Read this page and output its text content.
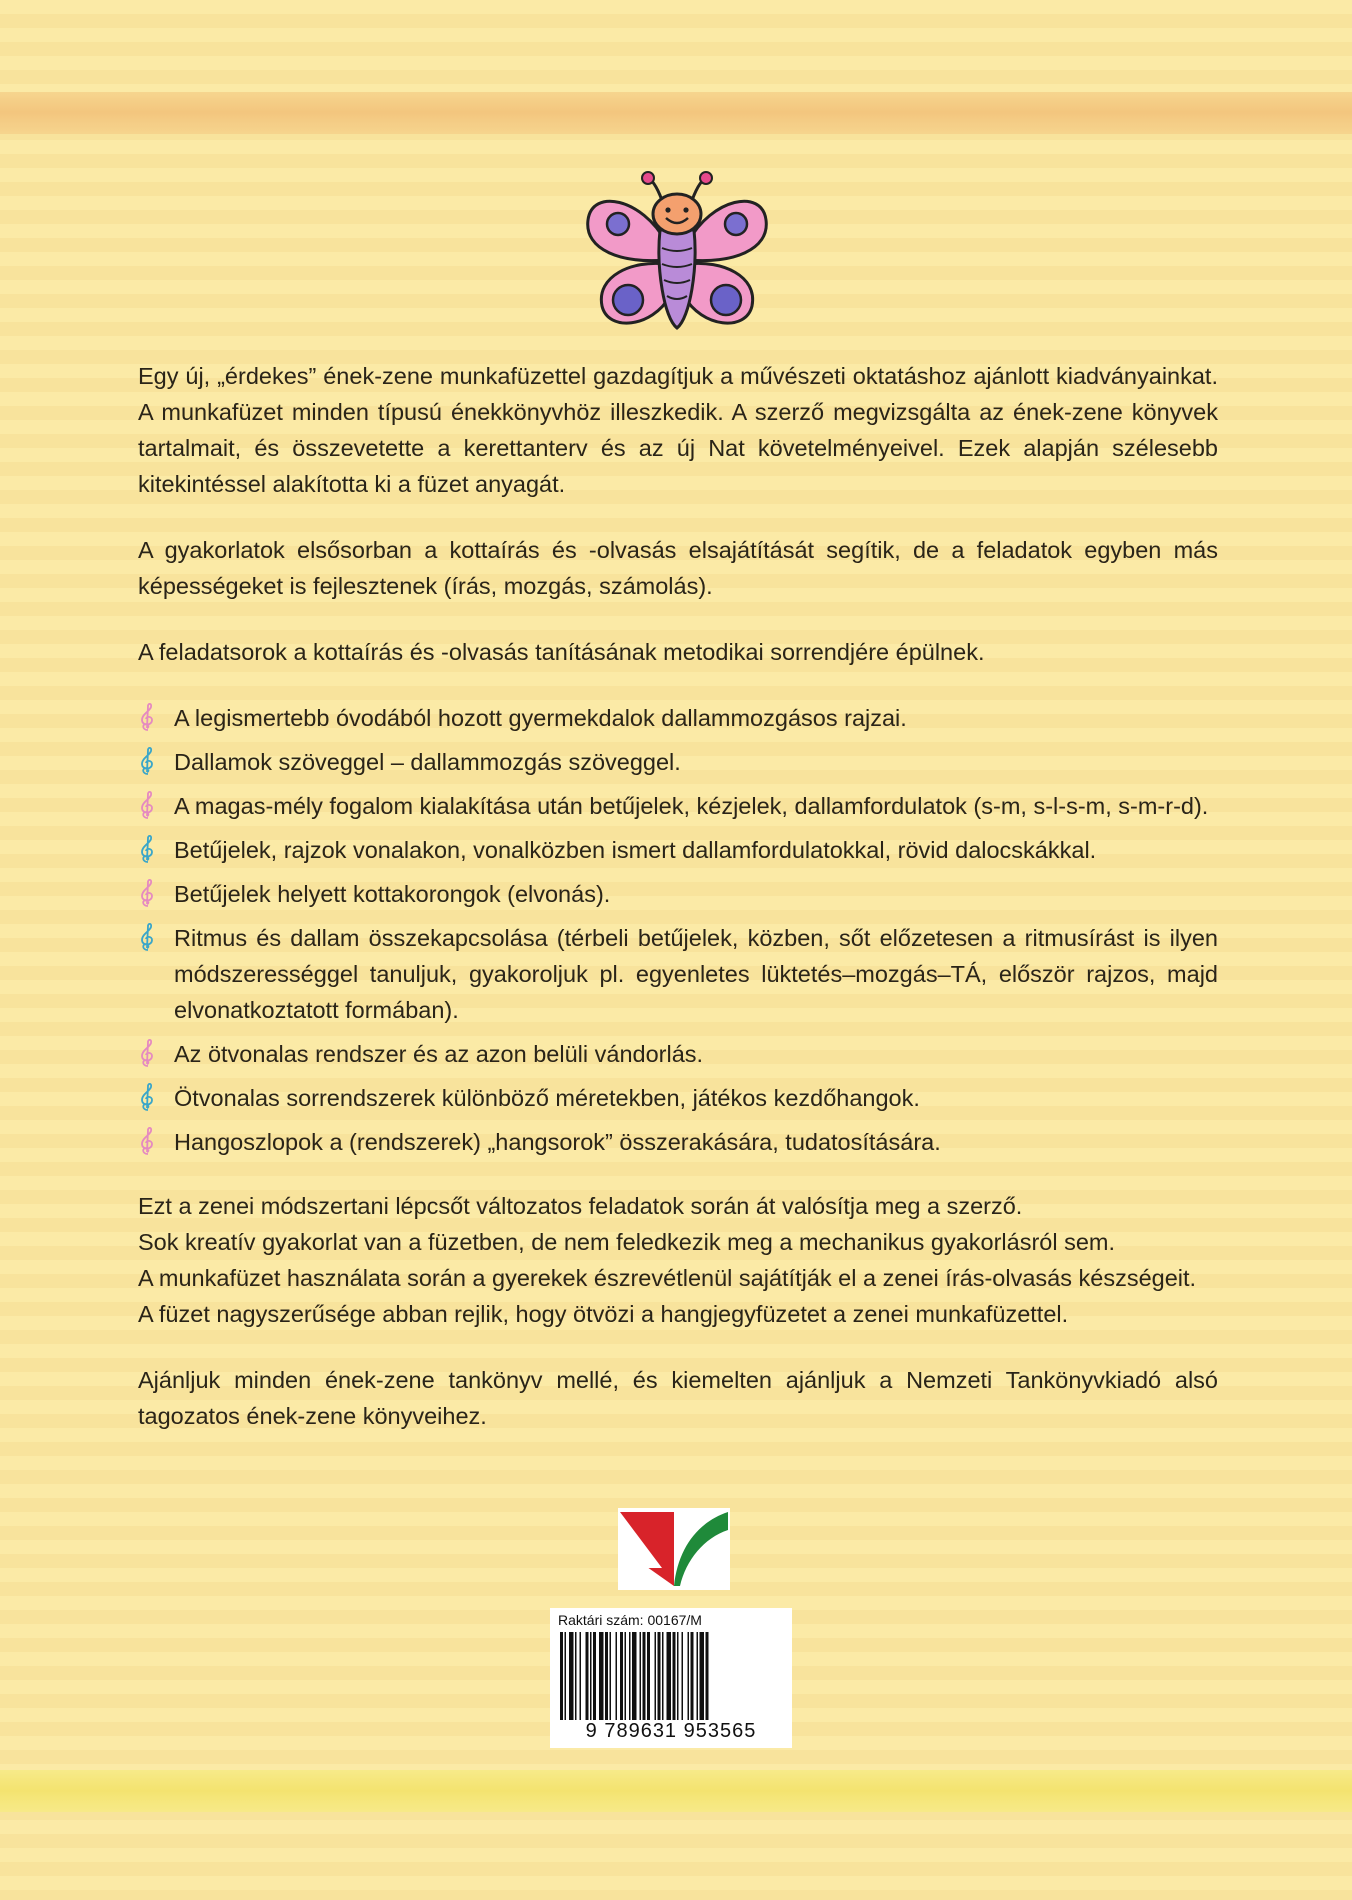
Egy új, „érdekes” ének-zene munkafüzettel gazdagítjuk a művészeti oktatáshoz ajánlott kiadványainkat. A munkafüzet minden típusú énekkönyvhöz illeszkedik. A szerző megvizsgálta az ének-zene könyvek tartalmait, és összevetette a kerettanterv és az új Nat követelményeivel. Ezek alapján szélesebb kitekintéssel alakította ki a füzet anyagát.

A gyakorlatok elsősorban a kottaírás és -olvasás elsajátítását segítik, de a feladatok egyben más képességeket is fejlesztenek (írás, mozgás, számolás).

A feladatsorok a kottaírás és -olvasás tanításának metodikai sorrendjére épülnek.

A legismertebb óvodából hozott gyermekdalok dallammozgásos rajzai.
Dallamok szöveggel – dallammozgás szöveggel.
A magas-mély fogalom kialakítása után betűjelek, kézjelek, dallamfordulatok (s-m, s-l-s-m, s-m-r-d).
Betűjelek, rajzok vonalakon, vonalközben ismert dallamfordulatokkal, rövid dalocskákkal.
Betűjelek helyett kottakorongok (elvonás).
Ritmus és dallam összekapcsolása (térbeli betűjelek, közben, sőt előzetesen a ritmusírást is ilyen módszerességgel tanuljuk, gyakoroljuk pl. egyenletes lüktetés–mozgás–TÁ, először rajzos, majd elvonatkoztatott formában).
Az ötvonalas rendszer és az azon belüli vándorlás.
Ötvonalas sorrendszerek különböző méretekben, játékos kezdőhangok.
Hangoszlopok a (rendszerek) „hangsorok” összerakására, tudatosítására.

Ezt a zenei módszertani lépcsőt változatos feladatok során át valósítja meg a szerző.

Sok kreatív gyakorlat van a füzetben, de nem feledkezik meg a mechanikus gyakorlásról sem.

A munkafüzet használata során a gyerekek észrevétlenül sajátítják el a zenei írás-olvasás készségeit.

A füzet nagyszerűsége abban rejlik, hogy ötvözi a hangjegyfüzetet a zenei munkafüzettel.

Ajánljuk minden ének-zene tankönyv mellé, és kiemelten ajánljuk a Nemzeti Tankönyvkiadó alsó tagozatos ének-zene könyveihez.

Raktári szám: 00167/M
9 789631 953565
